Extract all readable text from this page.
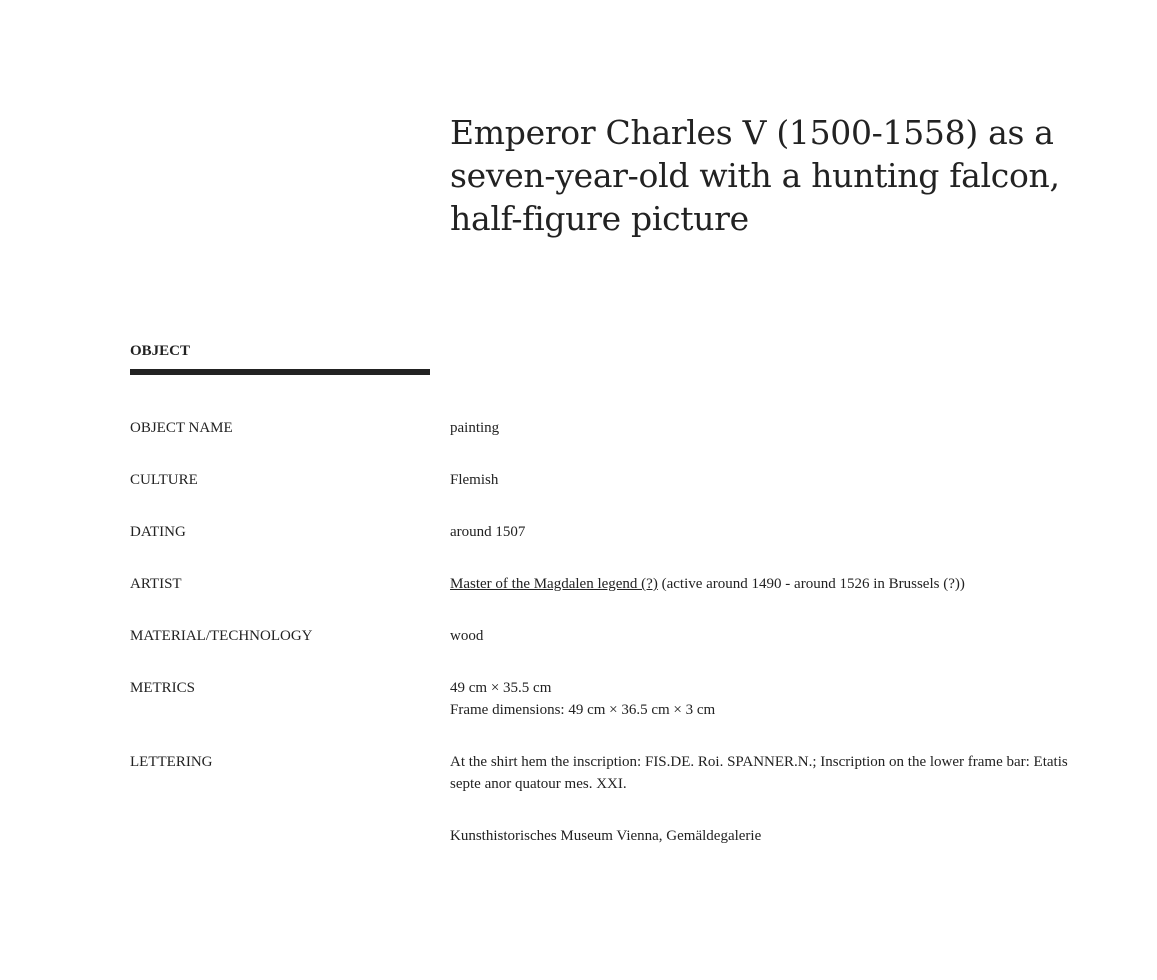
Emperor Charles V (1500-1558) as a seven-year-old with a hunting falcon, half-figure picture
OBJECT
OBJECT NAME	painting
CULTURE	Flemish
DATING	around 1507
ARTIST	Master of the Magdalen legend (?) (active around 1490 - around 1526 in Brussels (?))
MATERIAL/TECHNOLOGY	wood
METRICS	49 cm × 35.5 cm
Frame dimensions: 49 cm × 36.5 cm × 3 cm
LETTERING	At the shirt hem the inscription: FIS.DE. Roi. SPANNER.N.; Inscription on the lower frame bar: Etatis septe anor quatour mes. XXI.
Kunsthistorisches Museum Vienna, Gemäldegalerie
